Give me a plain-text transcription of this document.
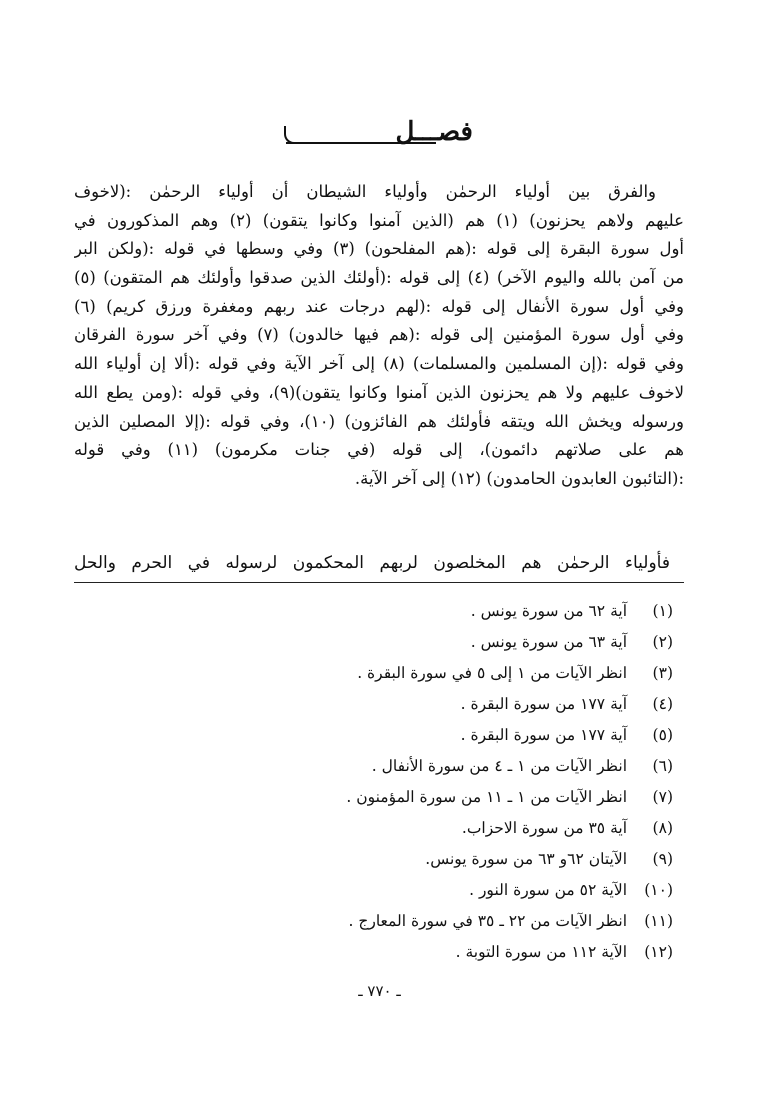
فصـــل
والفرق بين أولياء الرحمٰن وأولياء الشيطان أن أولياء الرحمٰن :(لاخوف
عليهم ولاهم يحزنون) (١) هم (الذين آمنوا وكانوا يتقون) (٢) وهم المذكورون في
أول سورة البقرة إلى قوله :(هم المفلحون) (٣) وفي وسطها في قوله :(ولكن البر
من آمن بالله واليوم الآخر) (٤) إلى قوله :(أولئك الذين صدقوا وأولئك هم المتقون) (٥)
وفي أول سورة الأنفال إلى قوله :(لهم درجات عند ربهم ومغفرة ورزق كريم) (٦)
وفي أول سورة المؤمنين إلى قوله :(هم فيها خالدون) (٧) وفي آخر سورة الفرقان
وفي قوله :(إن المسلمين والمسلمات) (٨) إلى آخر الآية وفي قوله :(ألا إن أولياء الله
لاخوف عليهم ولا هم يحزنون الذين آمنوا وكانوا يتقون)(٩)، وفي قوله :(ومن يطع الله
ورسوله ويخش الله ويتقه فأولئك هم الفائزون) (١٠)، وفي قوله :(إلا المصلين الذين
هم على صلاتهم دائمون)، إلى قوله (في جنات مكرمون) (١١) وفي قوله
:(التائبون العابدون الحامدون) (١٢) إلى آخر الآية.
فأولياء الرحمٰن هم المخلصون لربهم المحكمون لرسوله في الحرم والحل
(١)
آية ٦٢ من سورة يونس .
(٢)
آية ٦٣ من سورة يونس .
(٣)
انظر الآيات من ١ إلى ٥ في سورة البقرة .
(٤)
آية ١٧٧ من سورة البقرة .
(٥)
آية ١٧٧ من سورة البقرة .
(٦)
انظر الآيات من ١ ـ ٤ من سورة الأنفال .
(٧)
انظر الآيات من ١ ـ ١١ من سورة المؤمنون .
(٨)
آية ٣٥ من سورة الاحزاب.
(٩)
الآيتان ٦٢و ٦٣ من سورة يونس.
(١٠)
الآية ٥٢ من سورة النور .
(١١)
انظر الآيات من ٢٢ ـ ٣٥ في سورة المعارج .
(١٢)
الآية ١١٢ من سورة التوبة .
ـ ٧٧٠ ـ
